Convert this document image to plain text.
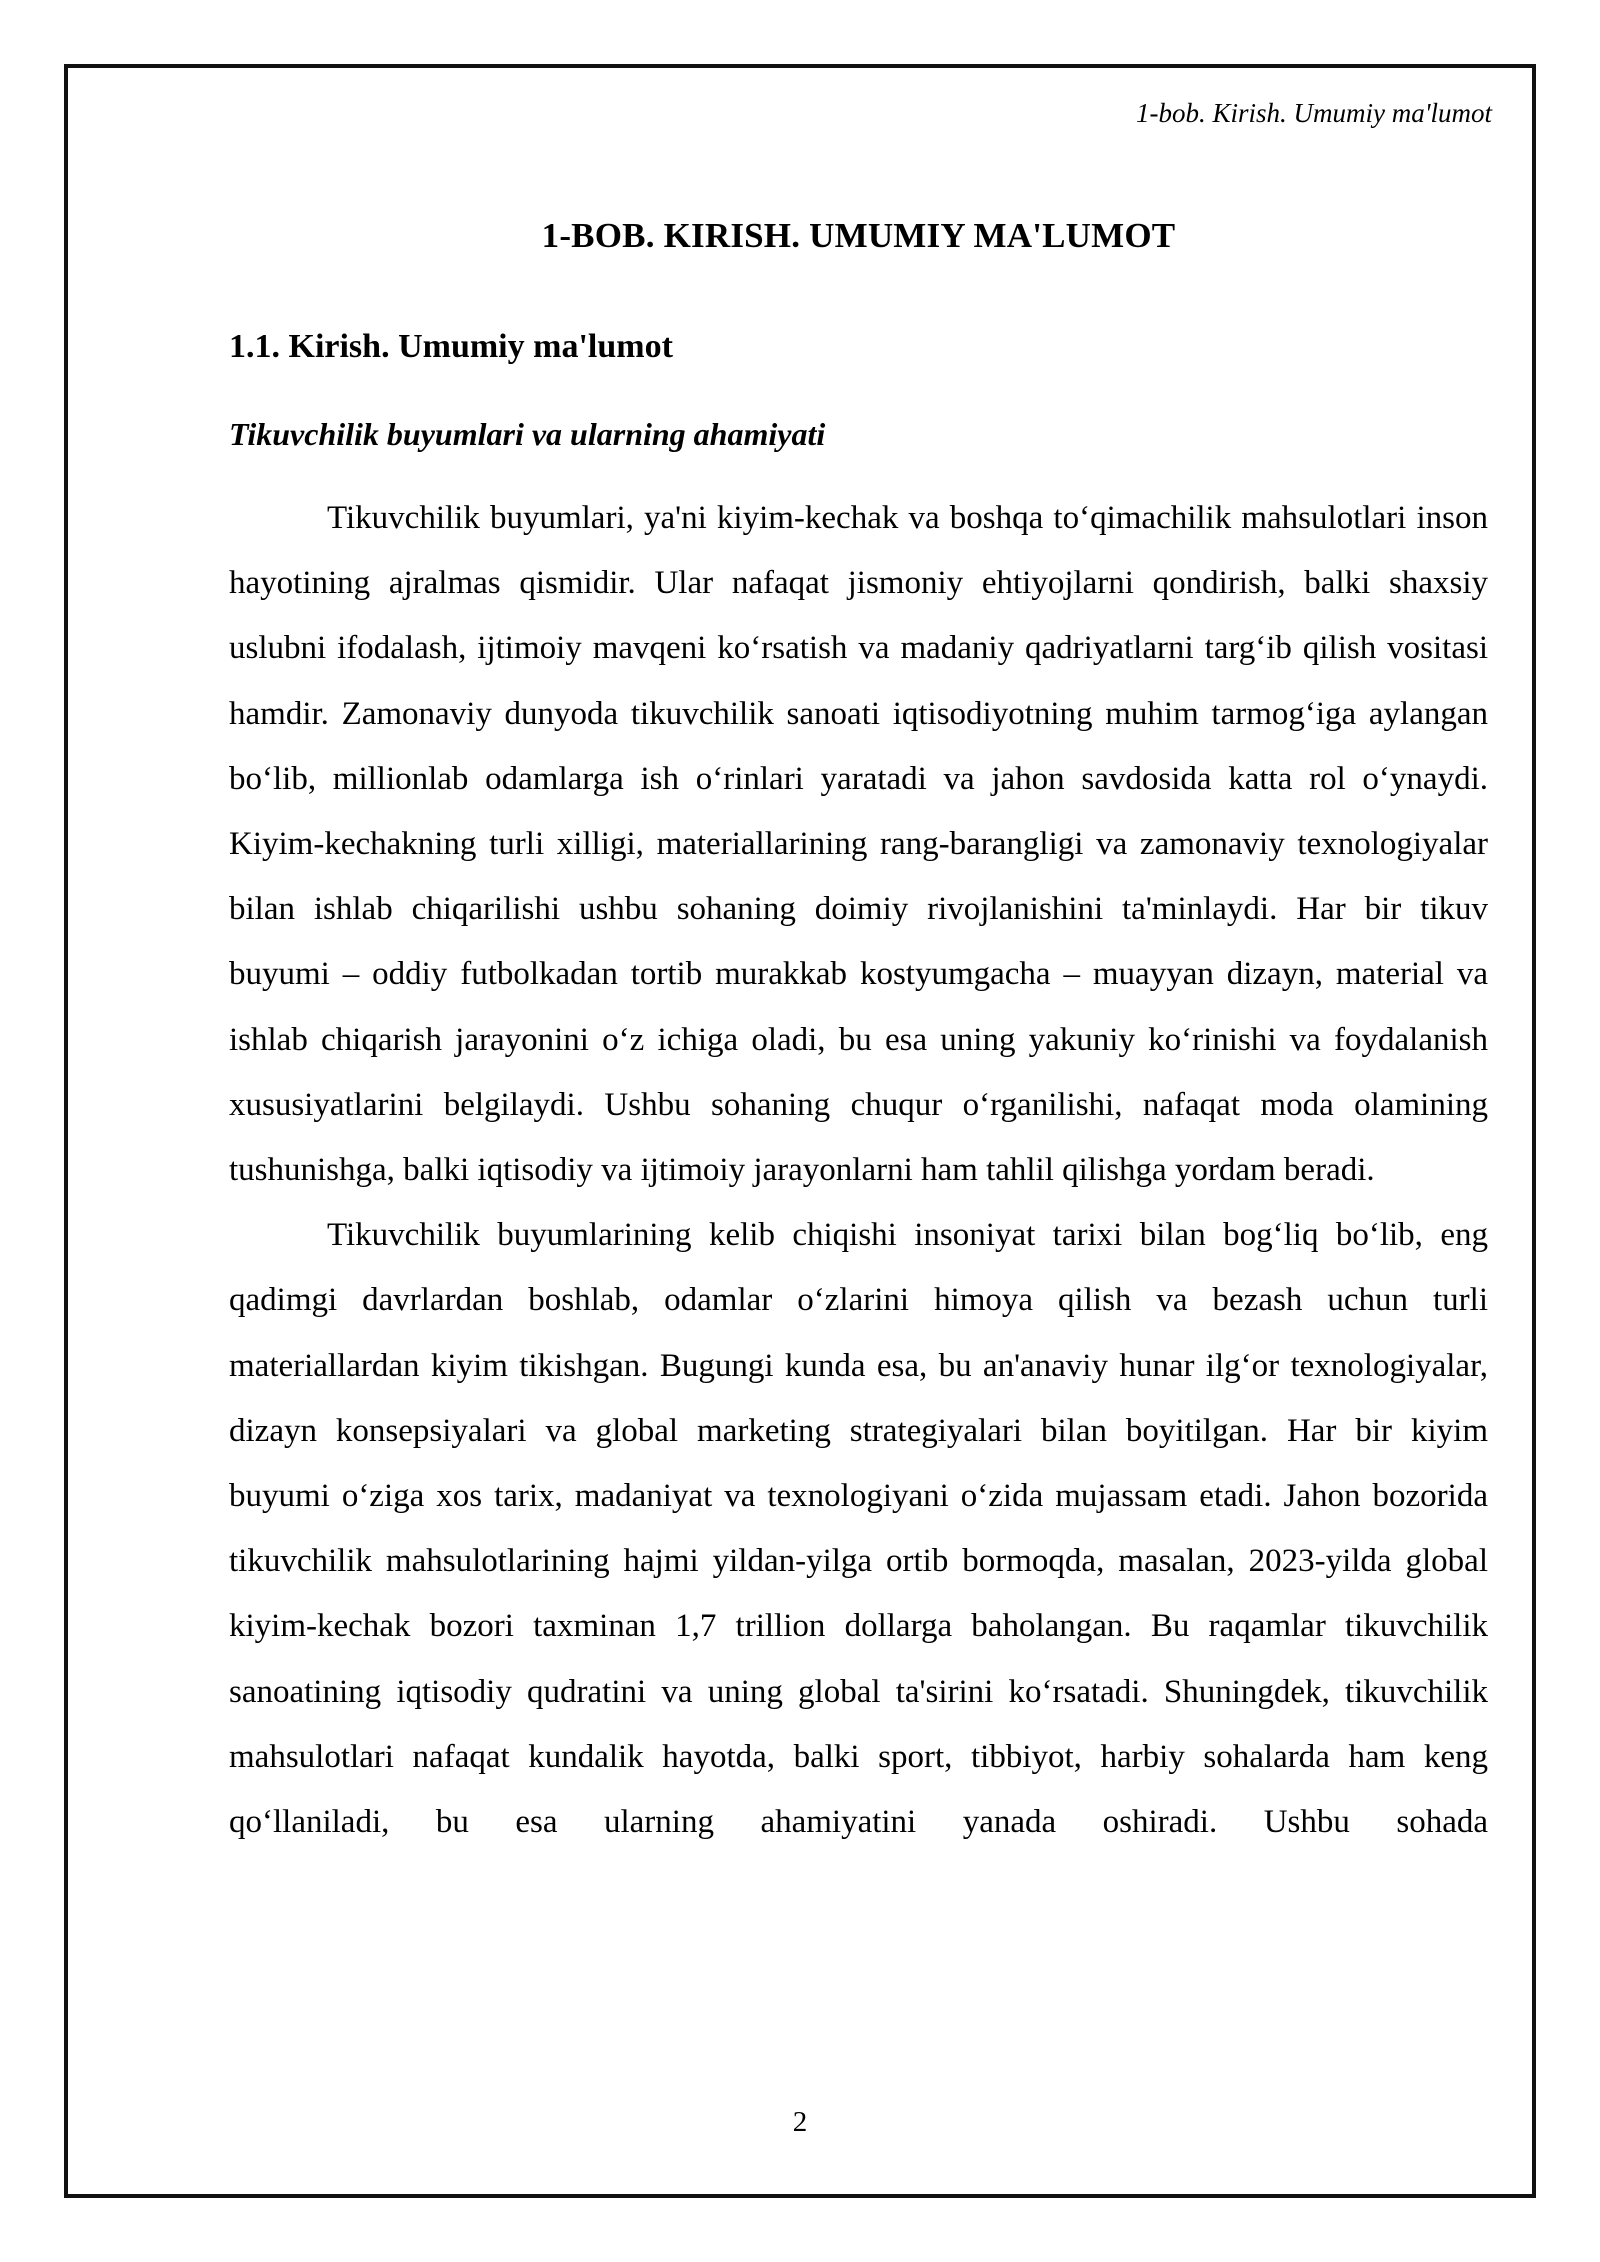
1-bob. Kirish. Umumiy ma'lumot
1-BOB. KIRISH. UMUMIY MA'LUMOT
1.1. Kirish. Umumiy ma'lumot
Tikuvchilik buyumlari va ularning ahamiyati

Tikuvchilik buyumlari, ya'ni kiyim-kechak va boshqa to‘qimachilik mahsulotlari inson hayotining ajralmas qismidir. Ular nafaqat jismoniy ehtiyojlarni qondirish, balki shaxsiy uslubni ifodalash, ijtimoiy mavqeni ko‘rsatish va madaniy qadriyatlarni targ‘ib qilish vositasi hamdir. Zamonaviy dunyoda tikuvchilik sanoati iqtisodiyotning muhim tarmog‘iga aylangan bo‘lib, millionlab odamlarga ish o‘rinlari yaratadi va jahon savdosida katta rol o‘ynaydi. Kiyim-kechakning turli xilligi, materiallarining rang-barangligi va zamonaviy texnologiyalar bilan ishlab chiqarilishi ushbu sohaning doimiy rivojlanishini ta'minlaydi. Har bir tikuv buyumi – oddiy futbolkadan tortib murakkab kostyumgacha – muayyan dizayn, material va ishlab chiqarish jarayonini o‘z ichiga oladi, bu esa uning yakuniy ko‘rinishi va foydalanish xususiyatlarini belgilaydi. Ushbu sohaning chuqur o‘rganilishi, nafaqat moda olamining tushunishga, balki iqtisodiy va ijtimoiy jarayonlarni ham tahlil qilishga yordam beradi.

Tikuvchilik buyumlarining kelib chiqishi insoniyat tarixi bilan bog‘liq bo‘lib, eng qadimgi davrlardan boshlab, odamlar o‘zlarini himoya qilish va bezash uchun turli materiallardan kiyim tikishgan. Bugungi kunda esa, bu an'anaviy hunar ilg‘or texnologiyalar, dizayn konsepsiyalari va global marketing strategiyalari bilan boyitilgan. Har bir kiyim buyumi o‘ziga xos tarix, madaniyat va texnologiyani o‘zida mujassam etadi. Jahon bozorida tikuvchilik mahsulotlarining hajmi yildan-yilga ortib bormoqda, masalan, 2023-yilda global kiyim-kechak bozori taxminan 1,7 trillion dollarga baholangan. Bu raqamlar tikuvchilik sanoatining iqtisodiy qudratini va uning global ta'sirini ko‘rsatadi. Shuningdek, tikuvchilik mahsulotlari nafaqat kundalik hayotda, balki sport, tibbiyot, harbiy sohalarda ham keng qo‘llaniladi, bu esa ularning ahamiyatini yanada oshiradi. Ushbu sohada

2
